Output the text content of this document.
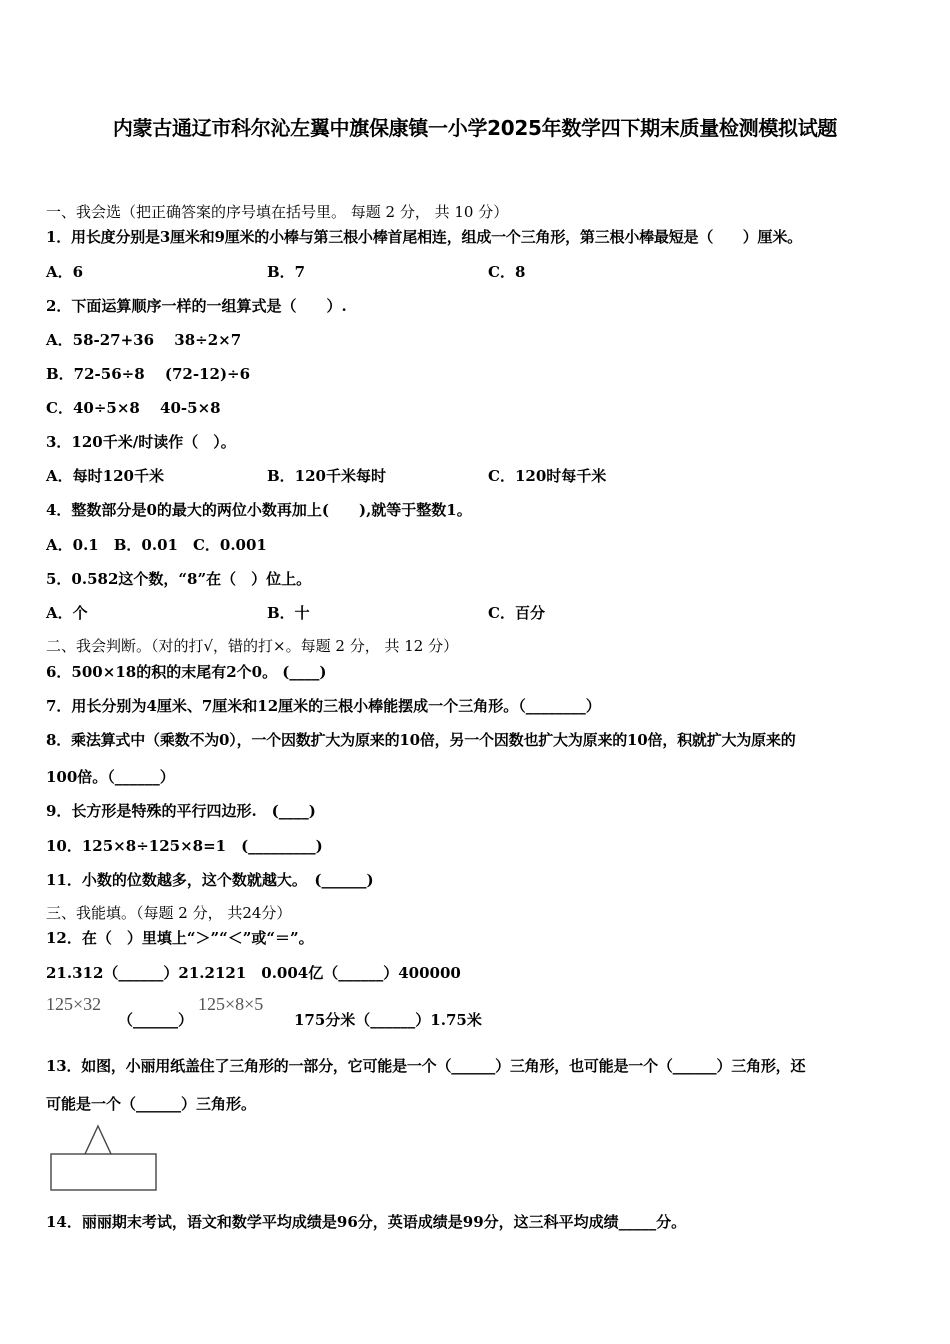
内蒙古通辽市科尔沁左翼中旗保康镇一小学2025年数学四下期末质量检测模拟试题
一、我会选（把正确答案的序号填在括号里。 每题 2 分， 共 10 分）
1．用长度分别是3厘米和9厘米的小棒与第三根小棒首尾相连，组成一个三角形，第三根小棒最短是（　　）厘米。
A．6	B．7	C．8
2．下面运算顺序一样的一组算式是（　　）.
A．58-27+36　 38÷2×7
B．72-56÷8　 (72-12)÷6
C．40÷5×8　 40-5×8
3．120千米/时读作（　）。
A．每时120千米	B．120千米每时	C．120时每千米
4．整数部分是0的最大的两位小数再加上(　　),就等于整数1。
A．0.1　B．0.01　C．0.001
5．0.582这个数，“8”在（　）位上。
A．个	B．十	C．百分
二、我会判断。（对的打√，错的打×。每题 2 分， 共 12 分）
6．500×18的积的末尾有2个0。 (____)
7．用长分别为4厘米、7厘米和12厘米的三根小棒能摆成一个三角形。（________）
8．乘法算式中（乘数不为0），一个因数扩大为原来的10倍，另一个因数也扩大为原来的10倍，积就扩大为原来的
100倍。（______）
9．长方形是特殊的平行四边形.　(____)
10．125×8÷125×8=1　(_________)
11．小数的位数越多，这个数就越大。　(______)
三、我能填。（每题 2 分， 共24分）
12．在（　）里填上“＞”“＜”或“＝”。
21.312（______）21.2121　0.004亿（______）400000
125×32
（______）
125×8×5
175分米（______）1.75米
13．如图，小丽用纸盖住了三角形的一部分，它可能是一个（______）三角形，也可能是一个（______）三角形，还
可能是一个（______）三角形。
14．丽丽期末考试，语文和数学平均成绩是96分，英语成绩是99分，这三科平均成绩_____分。
